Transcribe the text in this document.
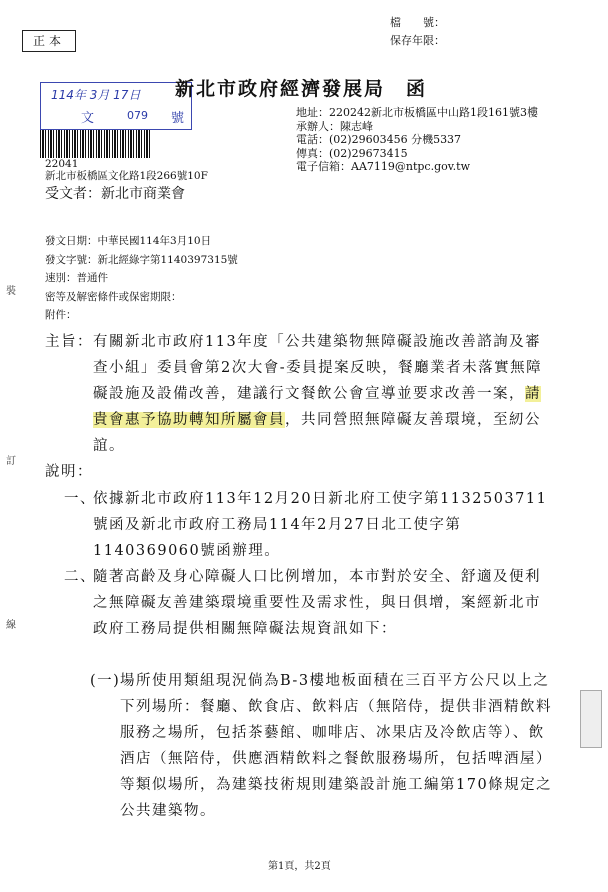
正本
檔　　號：
保存年限：
114年 3月 17日
文 079 號
新北市政府經濟發展局　函
地址：220242新北市板橋區中山路1段161號3樓
承辦人：陳志峰
電話：(02)29603456 分機5337
傳真：(02)29673415
電子信箱：AA7119@ntpc.gov.tw
22041
新北市板橋區文化路1段266號10F
受文者：新北市商業會
發文日期：中華民國114年3月10日
發文字號：新北經綠字第1140397315號
速別：普通件
密等及解密條件或保密期限：
附件：
裝
訂
線
主旨： 有關新北市政府113年度「公共建築物無障礙設施改善諮詢及審查小組」委員會第2次大會-委員提案反映，餐廳業者未落實無障礙設施及設備改善，建議行文餐飲公會宣導並要求改善一案，請貴會惠予協助轉知所屬會員，共同營照無障礙友善環境，至紉公誼。
說明：
一、
依據新北市政府113年12月20日新北府工使字第1132503711號函及新北市政府工務局114年2月27日北工使字第1140369060號函辦理。
二、
隨著高齡及身心障礙人口比例增加，本市對於安全、舒適及便利之無障礙友善建築環境重要性及需求性，與日俱增，案經新北市政府工務局提供相關無障礙法規資訊如下：
(一) 場所使用類組現況倘為B-3樓地板面積在三百平方公尺以上之下列場所：餐廳、飲食店、飲料店（無陪侍，提供非酒精飲料服務之場所，包括茶藝館、咖啡店、冰果店及冷飲店等）、飲酒店（無陪侍，供應酒精飲料之餐飲服務場所，包括啤酒屋）等類似場所，為建築技術規則建築設計施工編第170條規定之公共建築物。
第1頁，共2頁
